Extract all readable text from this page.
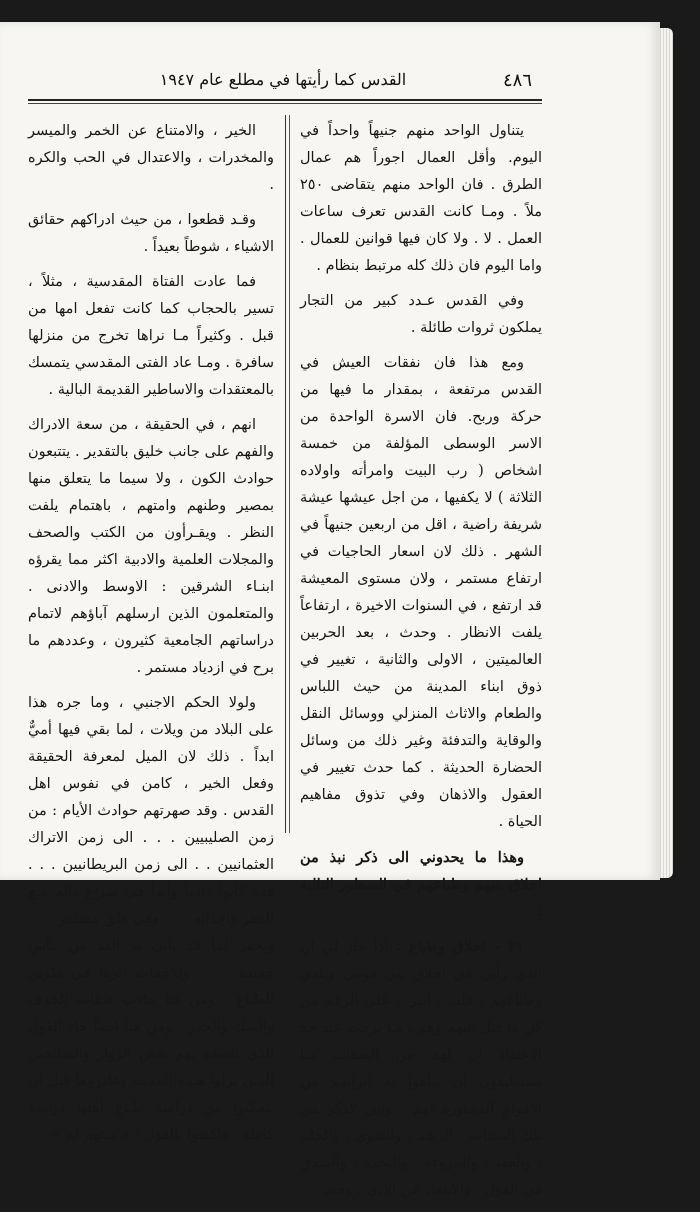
٤٨٦
القدس كما رأيتها في مطلع عام ١٩٤٧

يتناول الواحد منهم جنيهاً واحداً في اليوم. وأقل العمال اجوراً هم عمال الطرق . فان الواحد منهم يتقاضى ٢٥٠ ملاً . ومـا كانت القدس تعرف ساعات العمل . لا . ولا كان فيها قوانين للعمال . واما اليوم فان ذلك كله مرتبط بنظام .

وفي القدس عـدد كبير من التجار يملكون ثروات طائلة .

ومع هذا فان نفقات العيش في القدس مرتفعة ، بمقدار ما فيها من حركة وربح. فان الاسرة الواحدة من الاسر الوسطى المؤلفة من خمسة اشخاص ( رب البيت وامرأته واولاده الثلاثة ) لا يكفيها ، من اجل عيشها عيشة شريفة راضية ، اقل من اربعين جنيهاً في الشهر . ذلك لان اسعار الحاجيات في ارتفاع مستمر ، ولان مستوى المعيشة قد ارتفع ، في السنوات الاخيرة ، ارتفاعاً يلفت الانظار . وحدث ، بعد الحربين العالميتين ، الاولى والثانية ، تغيير في ذوق ابناء المدينة من حيث اللباس والطعام والاثاث المنزلي ووسائل النقل والوقاية والتدفئة وغير ذلك من وسائل الحضارة الحديثة . كما حدث تغيير في العقول والاذهان وفي تذوق مفاهيم الحياة .

وهذا ما يحدوني الى ذكر نبذ من اخلاق بنيهم وطباعهم في السطور التالية :

٣١ – اخلاق وطباع : اذا جاز لي ان ابدي رأيي في اخلاق بني قومي وبلدي وطباعهم ، قلت : انني ، على الرغم من كل ما قيل عنهم وهم ، مـا برحت عند حد الاعتقاد ان لهم من الصفات مـا يستطيعون ان يباهوا به اترابهم من الاقوام المجاورة لهم . واني لاذكر من تلك الصفات : الزهـد ، والتقوى ، والحلم ، والعفة ، والمروءة ، والنجدة ، والصدق في القول ، والابتعاد عن الاذى ، وحب

الخير ، والامتناع عن الخمر والميسر والمخدرات ، والاعتدال في الحب والكره .

وقـد قطعوا ، من حيث ادراكهم حقائق الاشياء ، شوطاً بعيداً .

فما عادت الفتاة المقدسية ، مثلاً ، تسير بالحجاب كما كانت تفعل امها من قبل . وكثيراً مـا نراها تخرج من منزلها سافرة . ومـا عاد الفتى المقدسي يتمسك بالمعتقدات والاساطير القديمة البالية .

انهم ، في الحقيقة ، من سعة الادراك والفهم على جانب خليق بالتقدير . يتتبعون حوادث الكون ، ولا سيما ما يتعلق منها بمصير وطنهم وامتهم ، باهتمام يلفت النظر . ويقـرأون من الكتب والصحف والمجلات العلمية والادبية اكثر مما يقرؤه ابنـاء الشرقين : الاوسط والادنى . والمتعلمون الذين ارسلهم آباؤهم لاتمام دراساتهم الجامعية كثيرون ، وعددهم ما برح في ازدياد مستمر .

ولولا الحكم الاجنبي ، وما جره هذا على البلاد من ويلات ، لما بقي فيها أميٌّ ابداً . ذلك لان الميل لمعرفة الحقيقة وفعل الخير ، كامن في نفوس اهل القدس . وقد صهرتهم حوادث الأيام : من زمن الصليبيين . . . الى زمن الاتراك العثمانيين . . الى زمن البريطانيين . . . فقد كانوا دائماً وأبداً في صراع دائم مـع الدهر واحداثه . . . وفي قلق مستمر . . . وتحفز لما قد يأتي به الغد من مآس جديدة . . . وللاحداث اثرها في تكوين الطباع . ومن هنا جاءت صفات الخوف والشك والحذر . ومن هنا ايضاً جاء القول الذي الصقه بهم بعض الزوار والسائحين الذين نزلوا هـذه المدينة وغادروها قبل ان يتمكنوا من دراسة طباع أهلها دراسة كاملة . فاكتفوا بالقول : « ميتهم لم »
